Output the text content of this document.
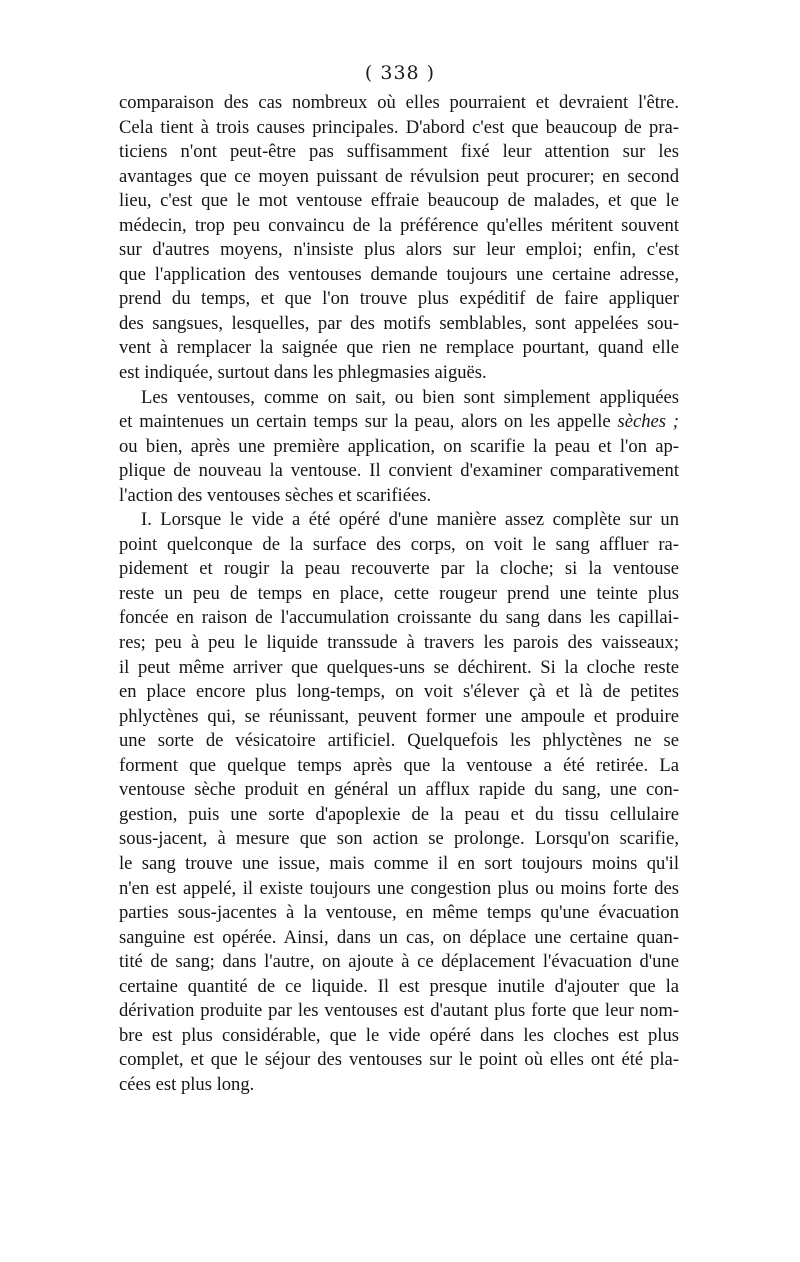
( 338 )
comparaison des cas nombreux où elles pourraient et devraient l'être.
Cela tient à trois causes principales. D'abord c'est que beaucoup de pra-
ticiens n'ont peut-être pas suffisamment fixé leur attention sur les
avantages que ce moyen puissant de révulsion peut procurer; en second
lieu, c'est que le mot ventouse effraie beaucoup de malades, et que le
médecin, trop peu convaincu de la préférence qu'elles méritent souvent
sur d'autres moyens, n'insiste plus alors sur leur emploi; enfin, c'est
que l'application des ventouses demande toujours une certaine adresse,
prend du temps, et que l'on trouve plus expéditif de faire appliquer
des sangsues, lesquelles, par des motifs semblables, sont appelées sou-
vent à remplacer la saignée que rien ne remplace pourtant, quand elle
est indiquée, surtout dans les phlegmasies aiguës.
Les ventouses, comme on sait, ou bien sont simplement appliquées
et maintenues un certain temps sur la peau, alors on les appelle sèches ;
ou bien, après une première application, on scarifie la peau et l'on ap-
plique de nouveau la ventouse. Il convient d'examiner comparativement
l'action des ventouses sèches et scarifiées.
I. Lorsque le vide a été opéré d'une manière assez complète sur un
point quelconque de la surface des corps, on voit le sang affluer ra-
pidement et rougir la peau recouverte par la cloche; si la ventouse
reste un peu de temps en place, cette rougeur prend une teinte plus
foncée en raison de l'accumulation croissante du sang dans les capillai-
res; peu à peu le liquide transsude à travers les parois des vaisseaux;
il peut même arriver que quelques-uns se déchirent. Si la cloche reste
en place encore plus long-temps, on voit s'élever çà et là de petites
phlyctènes qui, se réunissant, peuvent former une ampoule et produire
une sorte de vésicatoire artificiel. Quelquefois les phlyctènes ne se
forment que quelque temps après que la ventouse a été retirée. La
ventouse sèche produit en général un afflux rapide du sang, une con-
gestion, puis une sorte d'apoplexie de la peau et du tissu cellulaire
sous-jacent, à mesure que son action se prolonge. Lorsqu'on scarifie,
le sang trouve une issue, mais comme il en sort toujours moins qu'il
n'en est appelé, il existe toujours une congestion plus ou moins forte des
parties sous-jacentes à la ventouse, en même temps qu'une évacuation
sanguine est opérée. Ainsi, dans un cas, on déplace une certaine quan-
tité de sang; dans l'autre, on ajoute à ce déplacement l'évacuation d'une
certaine quantité de ce liquide. Il est presque inutile d'ajouter que la
dérivation produite par les ventouses est d'autant plus forte que leur nom-
bre est plus considérable, que le vide opéré dans les cloches est plus
complet, et que le séjour des ventouses sur le point où elles ont été pla-
cées est plus long.
